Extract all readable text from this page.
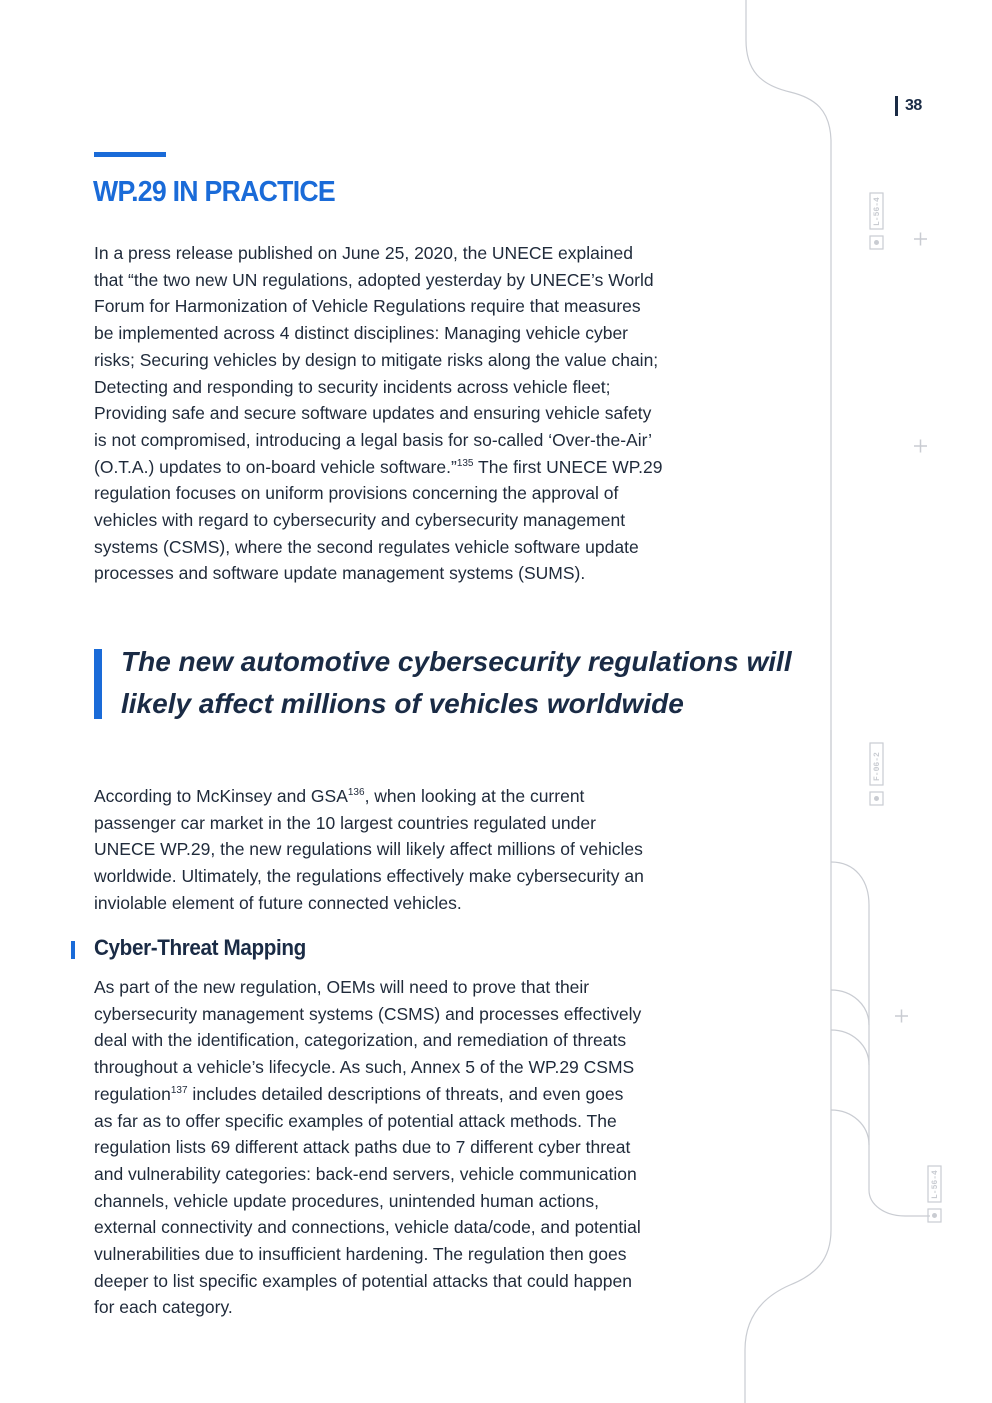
L-56-4
F-06-2
L-56-4
38
WP.29 IN PRACTICE

In a press release published on June 25, 2020, the UNECE explained
that “the two new UN regulations, adopted yesterday by UNECE’s World
Forum for Harmonization of Vehicle Regulations require that measures
be implemented across 4 distinct disciplines: Managing vehicle cyber
risks; Securing vehicles by design to mitigate risks along the value chain;
Detecting and responding to security incidents across vehicle fleet;
Providing safe and secure software updates and ensuring vehicle safety
is not compromised, introducing a legal basis for so-called ‘Over-the-Air’
(O.T.A.) updates to on-board vehicle software.”$^{135}$ The first UNECE WP.29
regulation focuses on uniform provisions concerning the approval of
vehicles with regard to cybersecurity and cybersecurity management
systems (CSMS), where the second regulates vehicle software update
processes and software update management systems (SUMS).

The new automotive cybersecurity regulations will
likely affect millions of vehicles worldwide

According to McKinsey and GSA$^{136}$, when looking at the current
passenger car market in the 10 largest countries regulated under
UNECE WP.29, the new regulations will likely affect millions of vehicles
worldwide. Ultimately, the regulations effectively make cybersecurity an
inviolable element of future connected vehicles.

Cyber-Threat Mapping

As part of the new regulation, OEMs will need to prove that their
cybersecurity management systems (CSMS) and processes effectively
deal with the identification, categorization, and remediation of threats
throughout a vehicle’s lifecycle. As such, Annex 5 of the WP.29 CSMS
regulation$^{137}$ includes detailed descriptions of threats, and even goes
as far as to offer specific examples of potential attack methods. The
regulation lists 69 different attack paths due to 7 different cyber threat
and vulnerability categories: back-end servers, vehicle communication
channels, vehicle update procedures, unintended human actions,
external connectivity and connections, vehicle data/code, and potential
vulnerabilities due to insufficient hardening. The regulation then goes
deeper to list specific examples of potential attacks that could happen
for each category.
